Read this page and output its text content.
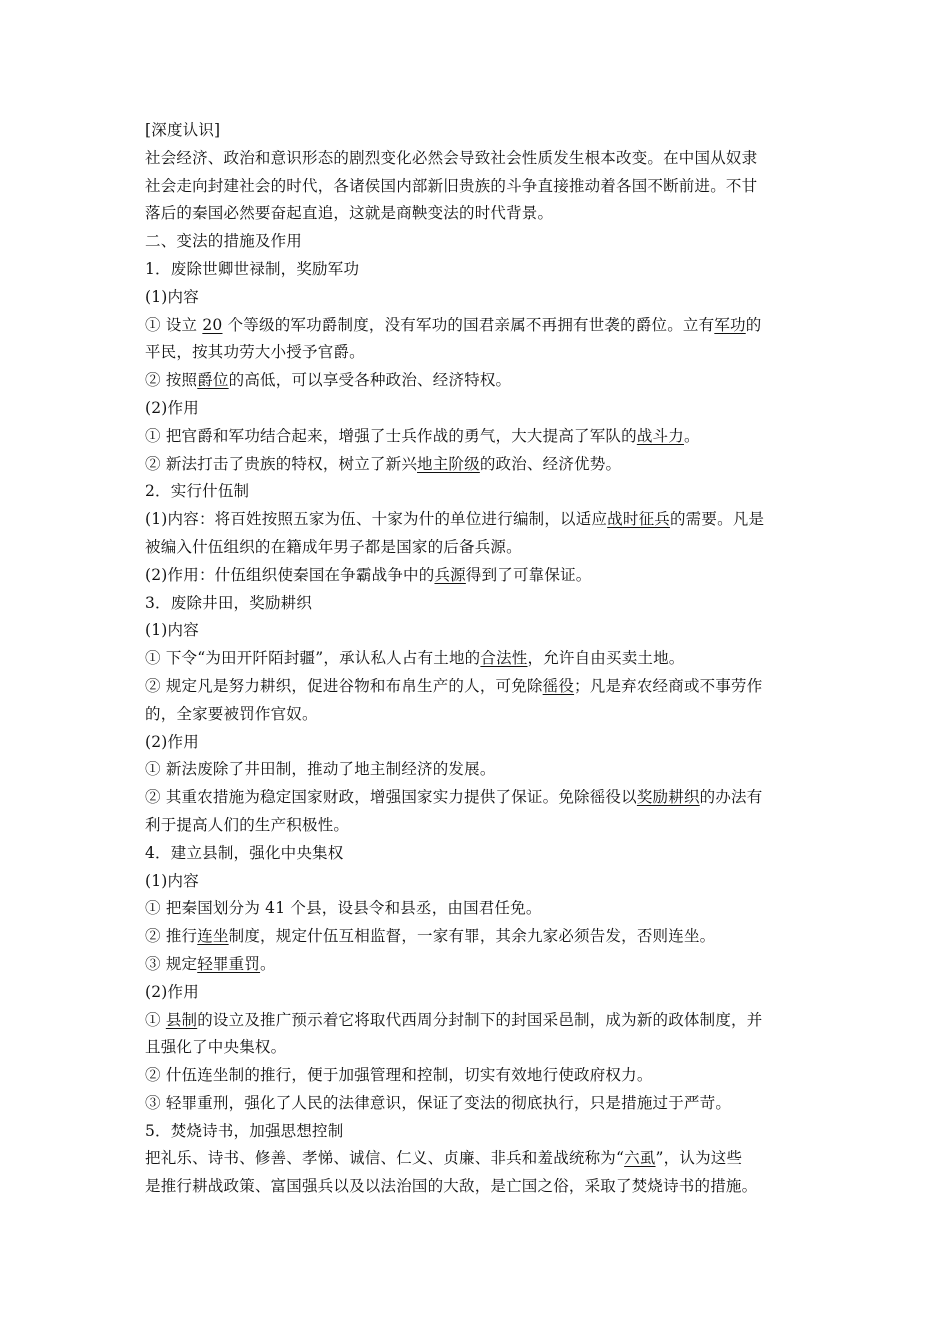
[深度认识]
社会经济、政治和意识形态的剧烈变化必然会导致社会性质发生根本改变。在中国从奴隶
社会走向封建社会的时代，各诸侯国内部新旧贵族的斗争直接推动着各国不断前进。不甘
落后的秦国必然要奋起直追，这就是商鞅变法的时代背景。
二、变法的措施及作用
1．废除世卿世禄制，奖励军功
(1)内容
① 设立 20 个等级的军功爵制度，没有军功的国君亲属不再拥有世袭的爵位。立有军功的
平民，按其功劳大小授予官爵。
② 按照爵位的高低，可以享受各种政治、经济特权。
(2)作用
① 把官爵和军功结合起来，增强了士兵作战的勇气，大大提高了军队的战斗力。
② 新法打击了贵族的特权，树立了新兴地主阶级的政治、经济优势。
2．实行什伍制
(1)内容：将百姓按照五家为伍、十家为什的单位进行编制，以适应战时征兵的需要。凡是
被编入什伍组织的在籍成年男子都是国家的后备兵源。
(2)作用：什伍组织使秦国在争霸战争中的兵源得到了可靠保证。
3．废除井田，奖励耕织
(1)内容
① 下令“为田开阡陌封疆”，承认私人占有土地的合法性，允许自由买卖土地。
② 规定凡是努力耕织，促进谷物和布帛生产的人，可免除徭役；凡是弃农经商或不事劳作
的，全家要被罚作官奴。
(2)作用
① 新法废除了井田制，推动了地主制经济的发展。
② 其重农措施为稳定国家财政，增强国家实力提供了保证。免除徭役以奖励耕织的办法有
利于提高人们的生产积极性。
4．建立县制，强化中央集权
(1)内容
① 把秦国划分为 41 个县，设县令和县丞，由国君任免。
② 推行连坐制度，规定什伍互相监督，一家有罪，其余九家必须告发，否则连坐。
③ 规定轻罪重罚。
(2)作用
① 县制的设立及推广预示着它将取代西周分封制下的封国采邑制，成为新的政体制度，并
且强化了中央集权。
② 什伍连坐制的推行，便于加强管理和控制，切实有效地行使政府权力。
③ 轻罪重刑，强化了人民的法律意识，保证了变法的彻底执行，只是措施过于严苛。
5．焚烧诗书，加强思想控制
把礼乐、诗书、修善、孝悌、诚信、仁义、贞廉、非兵和羞战统称为“六虱”，认为这些
是推行耕战政策、富国强兵以及以法治国的大敌，是亡国之俗，采取了焚烧诗书的措施。
